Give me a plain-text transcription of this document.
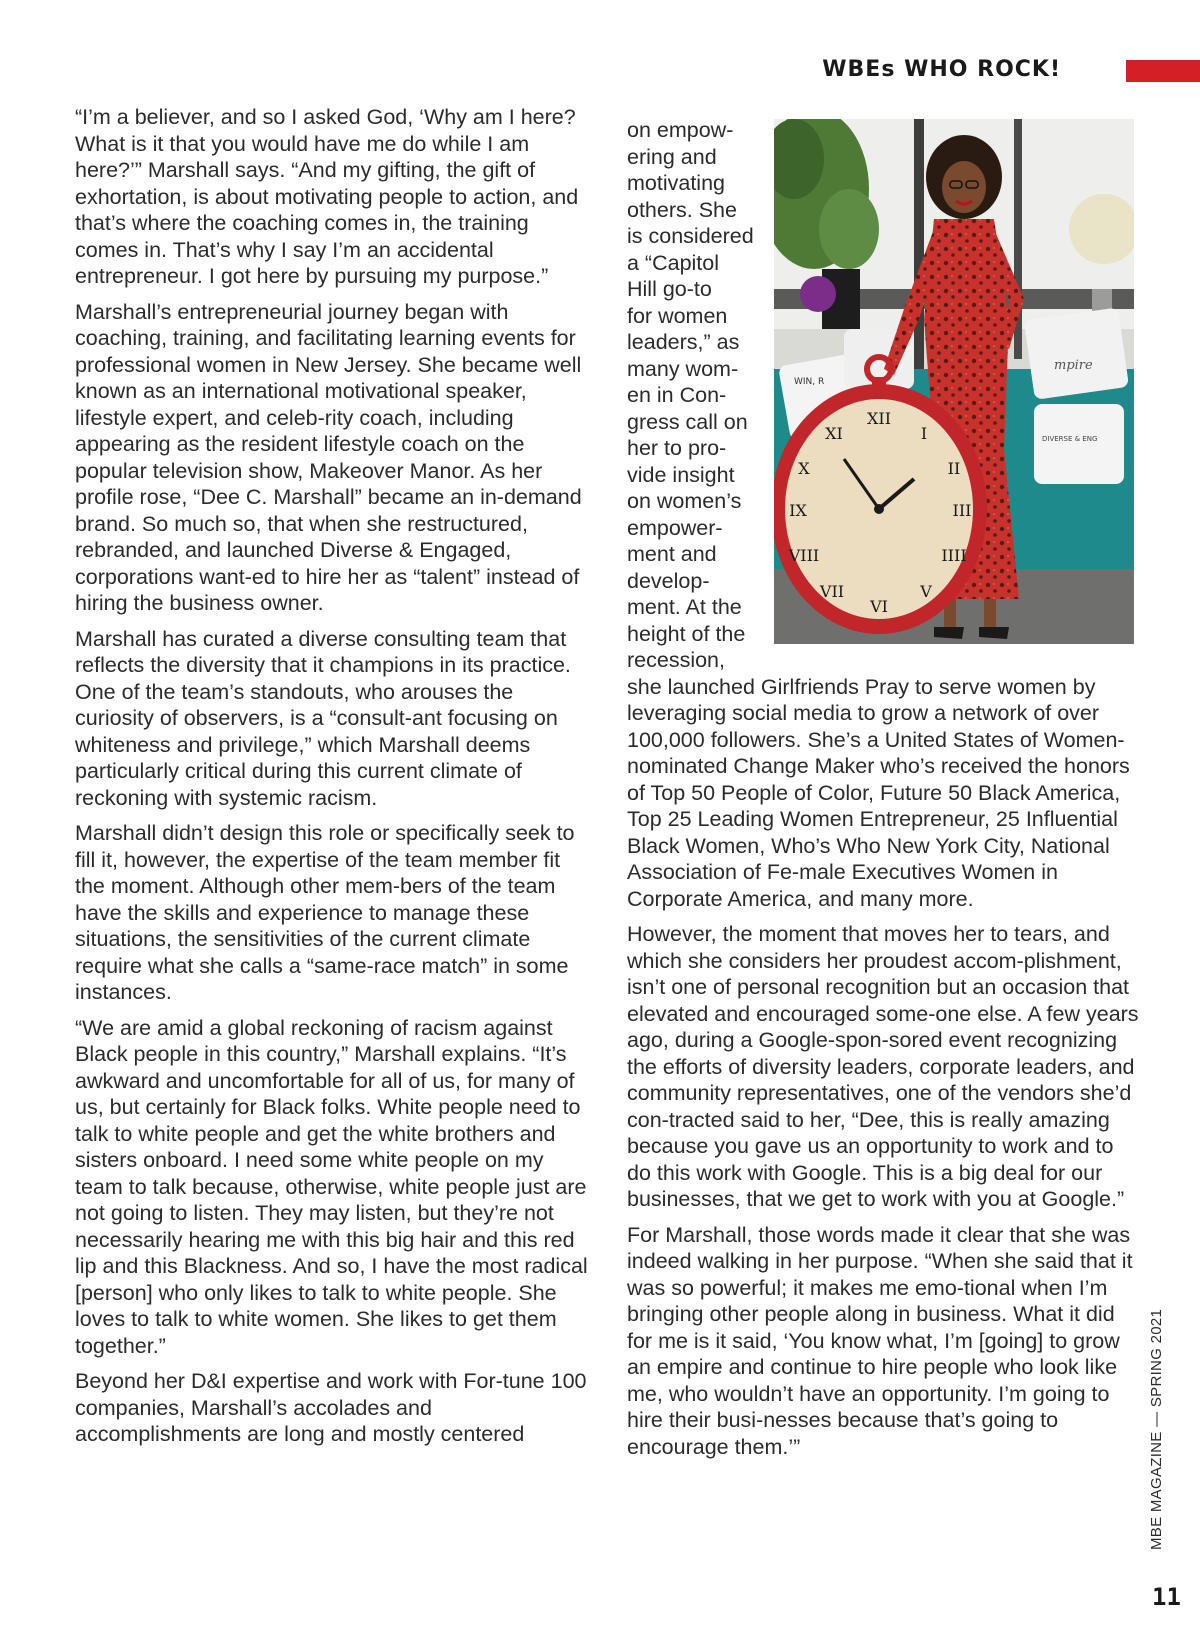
WBEs WHO ROCK!

“I’m a believer, and so I asked God, ‘Why am I here? What is it that you would have me do while I am here?’” Marshall says. “And my gifting, the gift of exhortation, is about motivating people to action, and that’s where the coaching comes in, the training comes in. That’s why I say I’m an accidental entrepreneur. I got here by pursuing my purpose.”

Marshall’s entrepreneurial journey began with coaching, training, and facilitating learning events for professional women in New Jersey. She became well known as an international motivational speaker, lifestyle expert, and celeb-rity coach, including appearing as the resident lifestyle coach on the popular television show, Makeover Manor. As her profile rose, “Dee C. Marshall” became an in-demand brand. So much so, that when she restructured, rebranded, and launched Diverse & Engaged, corporations want-ed to hire her as “talent” instead of hiring the business owner.

Marshall has curated a diverse consulting team that reflects the diversity that it champions in its practice. One of the team’s standouts, who arouses the curiosity of observers, is a “consult-ant focusing on whiteness and privilege,” which Marshall deems particularly critical during this current climate of reckoning with systemic racism.

Marshall didn’t design this role or specifically seek to fill it, however, the expertise of the team member fit the moment. Although other mem-bers of the team have the skills and experience to manage these situations, the sensitivities of the current climate require what she calls a “same-race match” in some instances.

“We are amid a global reckoning of racism against Black people in this country,” Marshall explains. “It’s awkward and uncomfortable for all of us, for many of us, but certainly for Black folks. White people need to talk to white people and get the white brothers and sisters onboard. I need some white people on my team to talk because, otherwise, white people just are not going to listen. They may listen, but they’re not necessarily hearing me with this big hair and this red lip and this Blackness. And so, I have the most radical [person] who only likes to talk to white people. She loves to talk to white women. She likes to get them together.”

Beyond her D&I expertise and work with For-tune 100 companies, Marshall’s accolades and accomplishments are long and mostly centered

on empow-
ering and
motivating
others. She
is considered
a “Capitol
Hill go-to
for women
leaders,” as
many wom-
en in Con-
gress call on
her to pro-
vide insight
on women’s
empower-
ment and
develop-
ment. At the
height of the
recession,

she launched Girlfriends Pray to serve women by leveraging social media to grow a network of over 100,000 followers. She’s a United States of Women-nominated Change Maker who’s received the honors of Top 50 People of Color, Future 50 Black America, Top 25 Leading Women Entrepreneur, 25 Influential Black Women, Who’s Who New York City, National Association of Fe-male Executives Women in Corporate America, and many more.

However, the moment that moves her to tears, and which she considers her proudest accom-plishment, isn’t one of personal recognition but an occasion that elevated and encouraged some-one else. A few years ago, during a Google-spon-sored event recognizing the efforts of diversity leaders, corporate leaders, and community representatives, one of the vendors she’d con-tracted said to her, “Dee, this is really amazing because you gave us an opportunity to work and to do this work with Google. This is a big deal for our businesses, that we get to work with you at Google.”

For Marshall, those words made it clear that she was indeed walking in her purpose. “When she said that it was so powerful; it makes me emo-tional when I’m bringing other people along in business. What it did for me is it said, ‘You know what, I’m [going] to grow an empire and continue to hire people who look like me, who wouldn’t have an opportunity. I’m going to hire their busi-nesses because that’s going to encourage them.’”

WIN, R
mpire
DIVERSE & ENG
XII
I
II
III
IIII
V
VI
VII
VIII
IX
X
XI
MBE MAGAZINE — SPRING 2021
11
